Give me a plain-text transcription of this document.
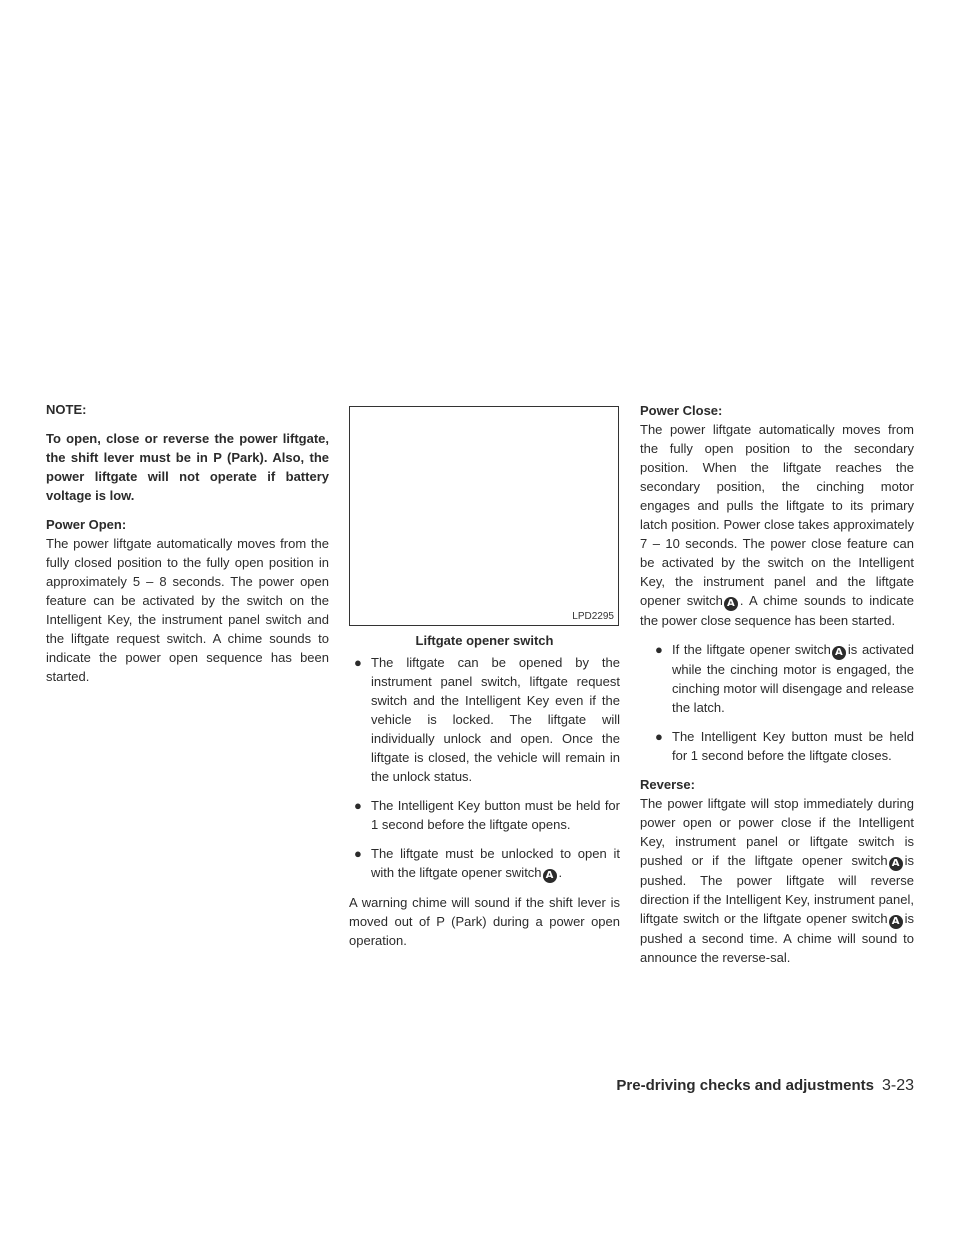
NOTE:

To open, close or reverse the power liftgate, the shift lever must be in P (Park). Also, the power liftgate will not operate if battery voltage is low.

Power Open:

The power liftgate automatically moves from the fully closed position to the fully open position in approximately 5 – 8 seconds. The power open feature can be activated by the switch on the Intelligent Key, the instrument panel switch and the liftgate request switch. A chime sounds to indicate the power open sequence has been started.

LPD2295
Liftgate opener switch
● The liftgate can be opened by the instrument panel switch, liftgate request switch and the Intelligent Key even if the vehicle is locked. The liftgate will individually unlock and open. Once the liftgate is closed, the vehicle will remain in the unlock status.
● The Intelligent Key button must be held for 1 second before the liftgate opens.
● The liftgate must be unlocked to open it with the liftgate opener switch A .

A warning chime will sound if the shift lever is moved out of P (Park) during a power open operation.

Power Close:

The power liftgate automatically moves from the fully open position to the secondary position. When the liftgate reaches the secondary position, the cinching motor engages and pulls the liftgate to its primary latch position. Power close takes approximately 7 – 10 seconds. The power close feature can be activated by the switch on the Intelligent Key, the instrument panel and the liftgate opener switch A . A chime sounds to indicate the power close sequence has been started.

● If the liftgate opener switch A is activated while the cinching motor is engaged, the cinching motor will disengage and release the latch.
● The Intelligent Key button must be held for 1 second before the liftgate closes.

Reverse:

The power liftgate will stop immediately during power open or power close if the Intelligent Key, instrument panel or liftgate switch is pushed or if the liftgate opener switch A is pushed. The power liftgate will reverse direction if the Intelligent Key, instrument panel, liftgate switch or the liftgate opener switch A is pushed a second time. A chime will sound to announce the reverse-sal.

Pre-driving checks and adjustments 3-23
